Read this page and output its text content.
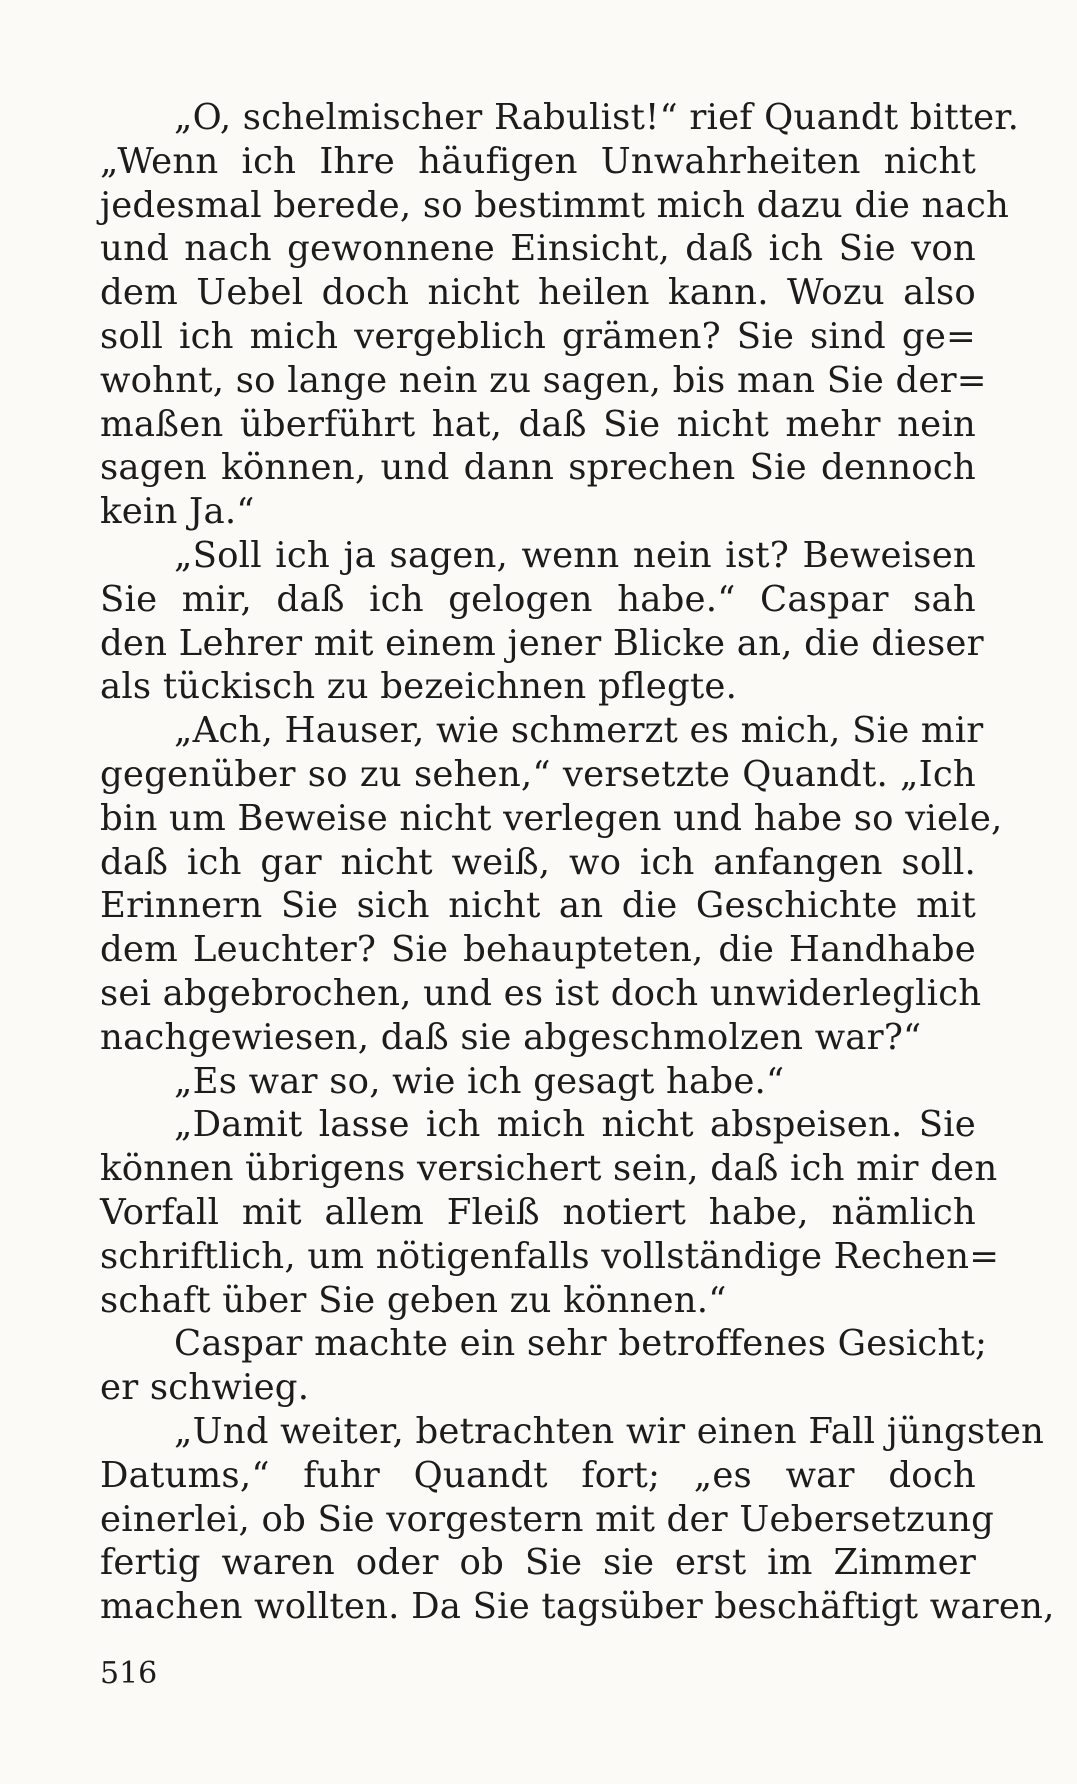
„O, schelmischer Rabulist!“ rief Quandt bitter.
„Wenn ich Ihre häufigen Unwahrheiten nicht
jedesmal berede, so bestimmt mich dazu die nach
und nach gewonnene Einsicht, daß ich Sie von
dem Uebel doch nicht heilen kann. Wozu also
soll ich mich vergeblich grämen? Sie sind ge=
wohnt, so lange nein zu sagen, bis man Sie der=
maßen überführt hat, daß Sie nicht mehr nein
sagen können, und dann sprechen Sie dennoch
kein Ja.“
„Soll ich ja sagen, wenn nein ist? Beweisen
Sie mir, daß ich gelogen habe.“ Caspar sah
den Lehrer mit einem jener Blicke an, die dieser
als tückisch zu bezeichnen pflegte.
„Ach, Hauser, wie schmerzt es mich, Sie mir
gegenüber so zu sehen,“ versetzte Quandt. „Ich
bin um Beweise nicht verlegen und habe so viele,
daß ich gar nicht weiß, wo ich anfangen soll.
Erinnern Sie sich nicht an die Geschichte mit
dem Leuchter? Sie behaupteten, die Handhabe
sei abgebrochen, und es ist doch unwiderleglich
nachgewiesen, daß sie abgeschmolzen war?“
„Es war so, wie ich gesagt habe.“
„Damit lasse ich mich nicht abspeisen. Sie
können übrigens versichert sein, daß ich mir den
Vorfall mit allem Fleiß notiert habe, nämlich
schriftlich, um nötigenfalls vollständige Rechen=
schaft über Sie geben zu können.“
Caspar machte ein sehr betroffenes Gesicht;
er schwieg.
„Und weiter, betrachten wir einen Fall jüngsten
Datums,“ fuhr Quandt fort; „es war doch
einerlei, ob Sie vorgestern mit der Uebersetzung
fertig waren oder ob Sie sie erst im Zimmer
machen wollten. Da Sie tagsüber beschäftigt waren,
516
